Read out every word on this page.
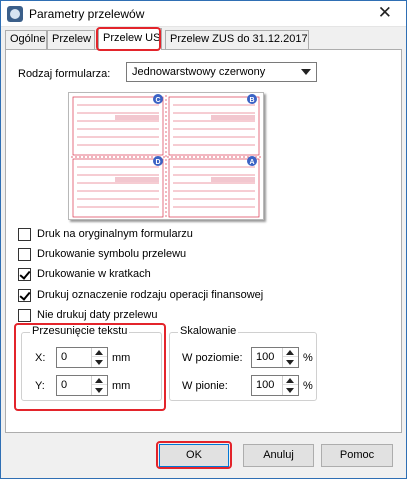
Parametry przelewów	✕
Ogólne Przelew	Przelew US Przelew ZUS do 31.12.2017
Rodzaj formularza:	Jednowarstwowy czerwony
C	B
D	A
Druk na oryginalnym formularzu
Drukowanie symbolu przelewu
Drukowanie w kratkach
Drukuj oznaczenie rodzaju operacji finansowej
Nie drukuj daty przelewu
Przesunięcie tekstu
X: 0	mm
Y: 0	mm
Skalowanie
W poziomie: 100	%
W pionie:	100	%
OK	Anuluj	Pomoc
